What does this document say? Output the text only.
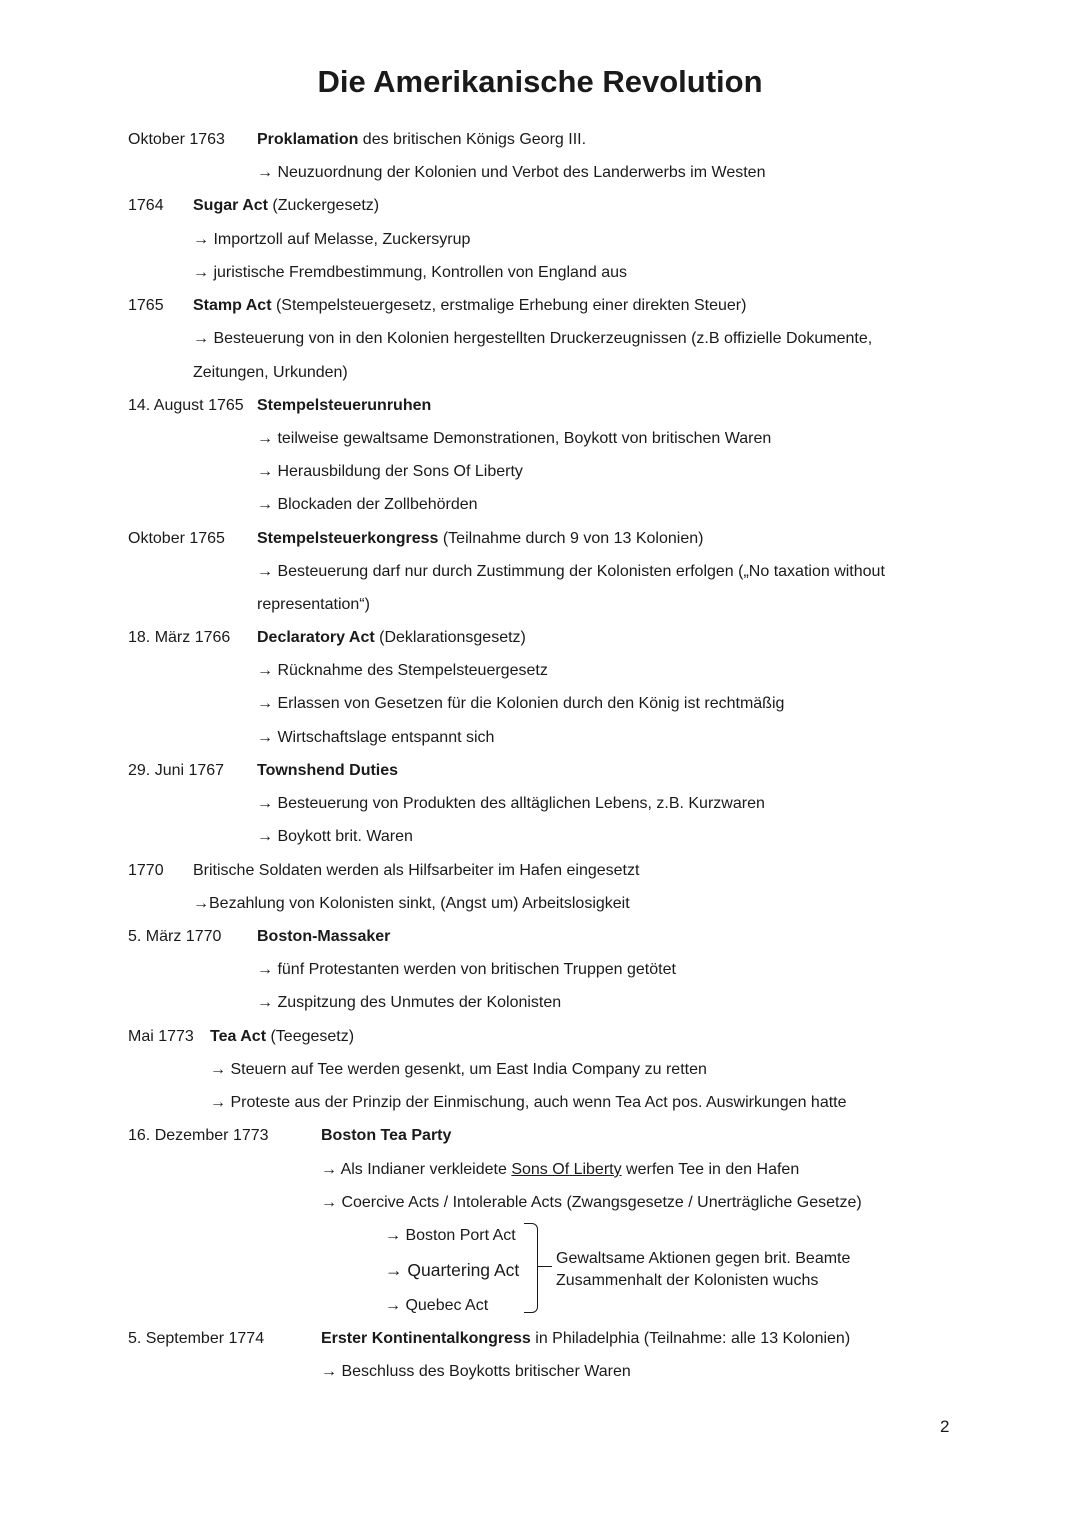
Die Amerikanische Revolution
Oktober 1763 Proklamation des britischen Königs Georg III.
→ Neuzuordnung der Kolonien und Verbot des Landerwerbs im Westen
1764 Sugar Act (Zuckergesetz)
→ Importzoll auf Melasse, Zuckersyrup
→ juristische Fremdbestimmung, Kontrollen von England aus
1765 Stamp Act (Stempelsteuergesetz, erstmalige Erhebung einer direkten Steuer)
→ Besteuerung von in den Kolonien hergestellten Druckerzeugnissen (z.B offizielle Dokumente,
Zeitungen, Urkunden)
14. August 1765 Stempelsteuerunruhen
→ teilweise gewaltsame Demonstrationen, Boykott von britischen Waren
→ Herausbildung der Sons Of Liberty
→ Blockaden der Zollbehörden
Oktober 1765 Stempelsteuerkongress (Teilnahme durch 9 von 13 Kolonien)
→ Besteuerung darf nur durch Zustimmung der Kolonisten erfolgen („No taxation without
representation“)
18. März 1766 Declaratory Act (Deklarationsgesetz)
→ Rücknahme des Stempelsteuergesetz
→ Erlassen von Gesetzen für die Kolonien durch den König ist rechtmäßig
→ Wirtschaftslage entspannt sich
29. Juni 1767 Townshend Duties
→ Besteuerung von Produkten des alltäglichen Lebens, z.B. Kurzwaren
→ Boykott brit. Waren
1770 Britische Soldaten werden als Hilfsarbeiter im Hafen eingesetzt
→Bezahlung von Kolonisten sinkt, (Angst um) Arbeitslosigkeit
5. März 1770 Boston-Massaker
→ fünf Protestanten werden von britischen Truppen getötet
→ Zuspitzung des Unmutes der Kolonisten
Mai 1773 Tea Act (Teegesetz)
→ Steuern auf Tee werden gesenkt, um East India Company zu retten
→ Proteste aus der Prinzip der Einmischung, auch wenn Tea Act pos. Auswirkungen hatte
16. Dezember 1773	Boston Tea Party
→ Als Indianer verkleidete Sons Of Liberty werfen Tee in den Hafen
→ Coercive Acts / Intolerable Acts (Zwangsgesetze / Unerträgliche Gesetze)
→ Boston Port Act
→ Quartering Act
→ Quebec Act
Gewaltsame Aktionen gegen brit. Beamte
Zusammenhalt der Kolonisten wuchs
5. September 1774	Erster Kontinentalkongress in Philadelphia (Teilnahme: alle 13 Kolonien)
→ Beschluss des Boykotts britischer Waren
2
